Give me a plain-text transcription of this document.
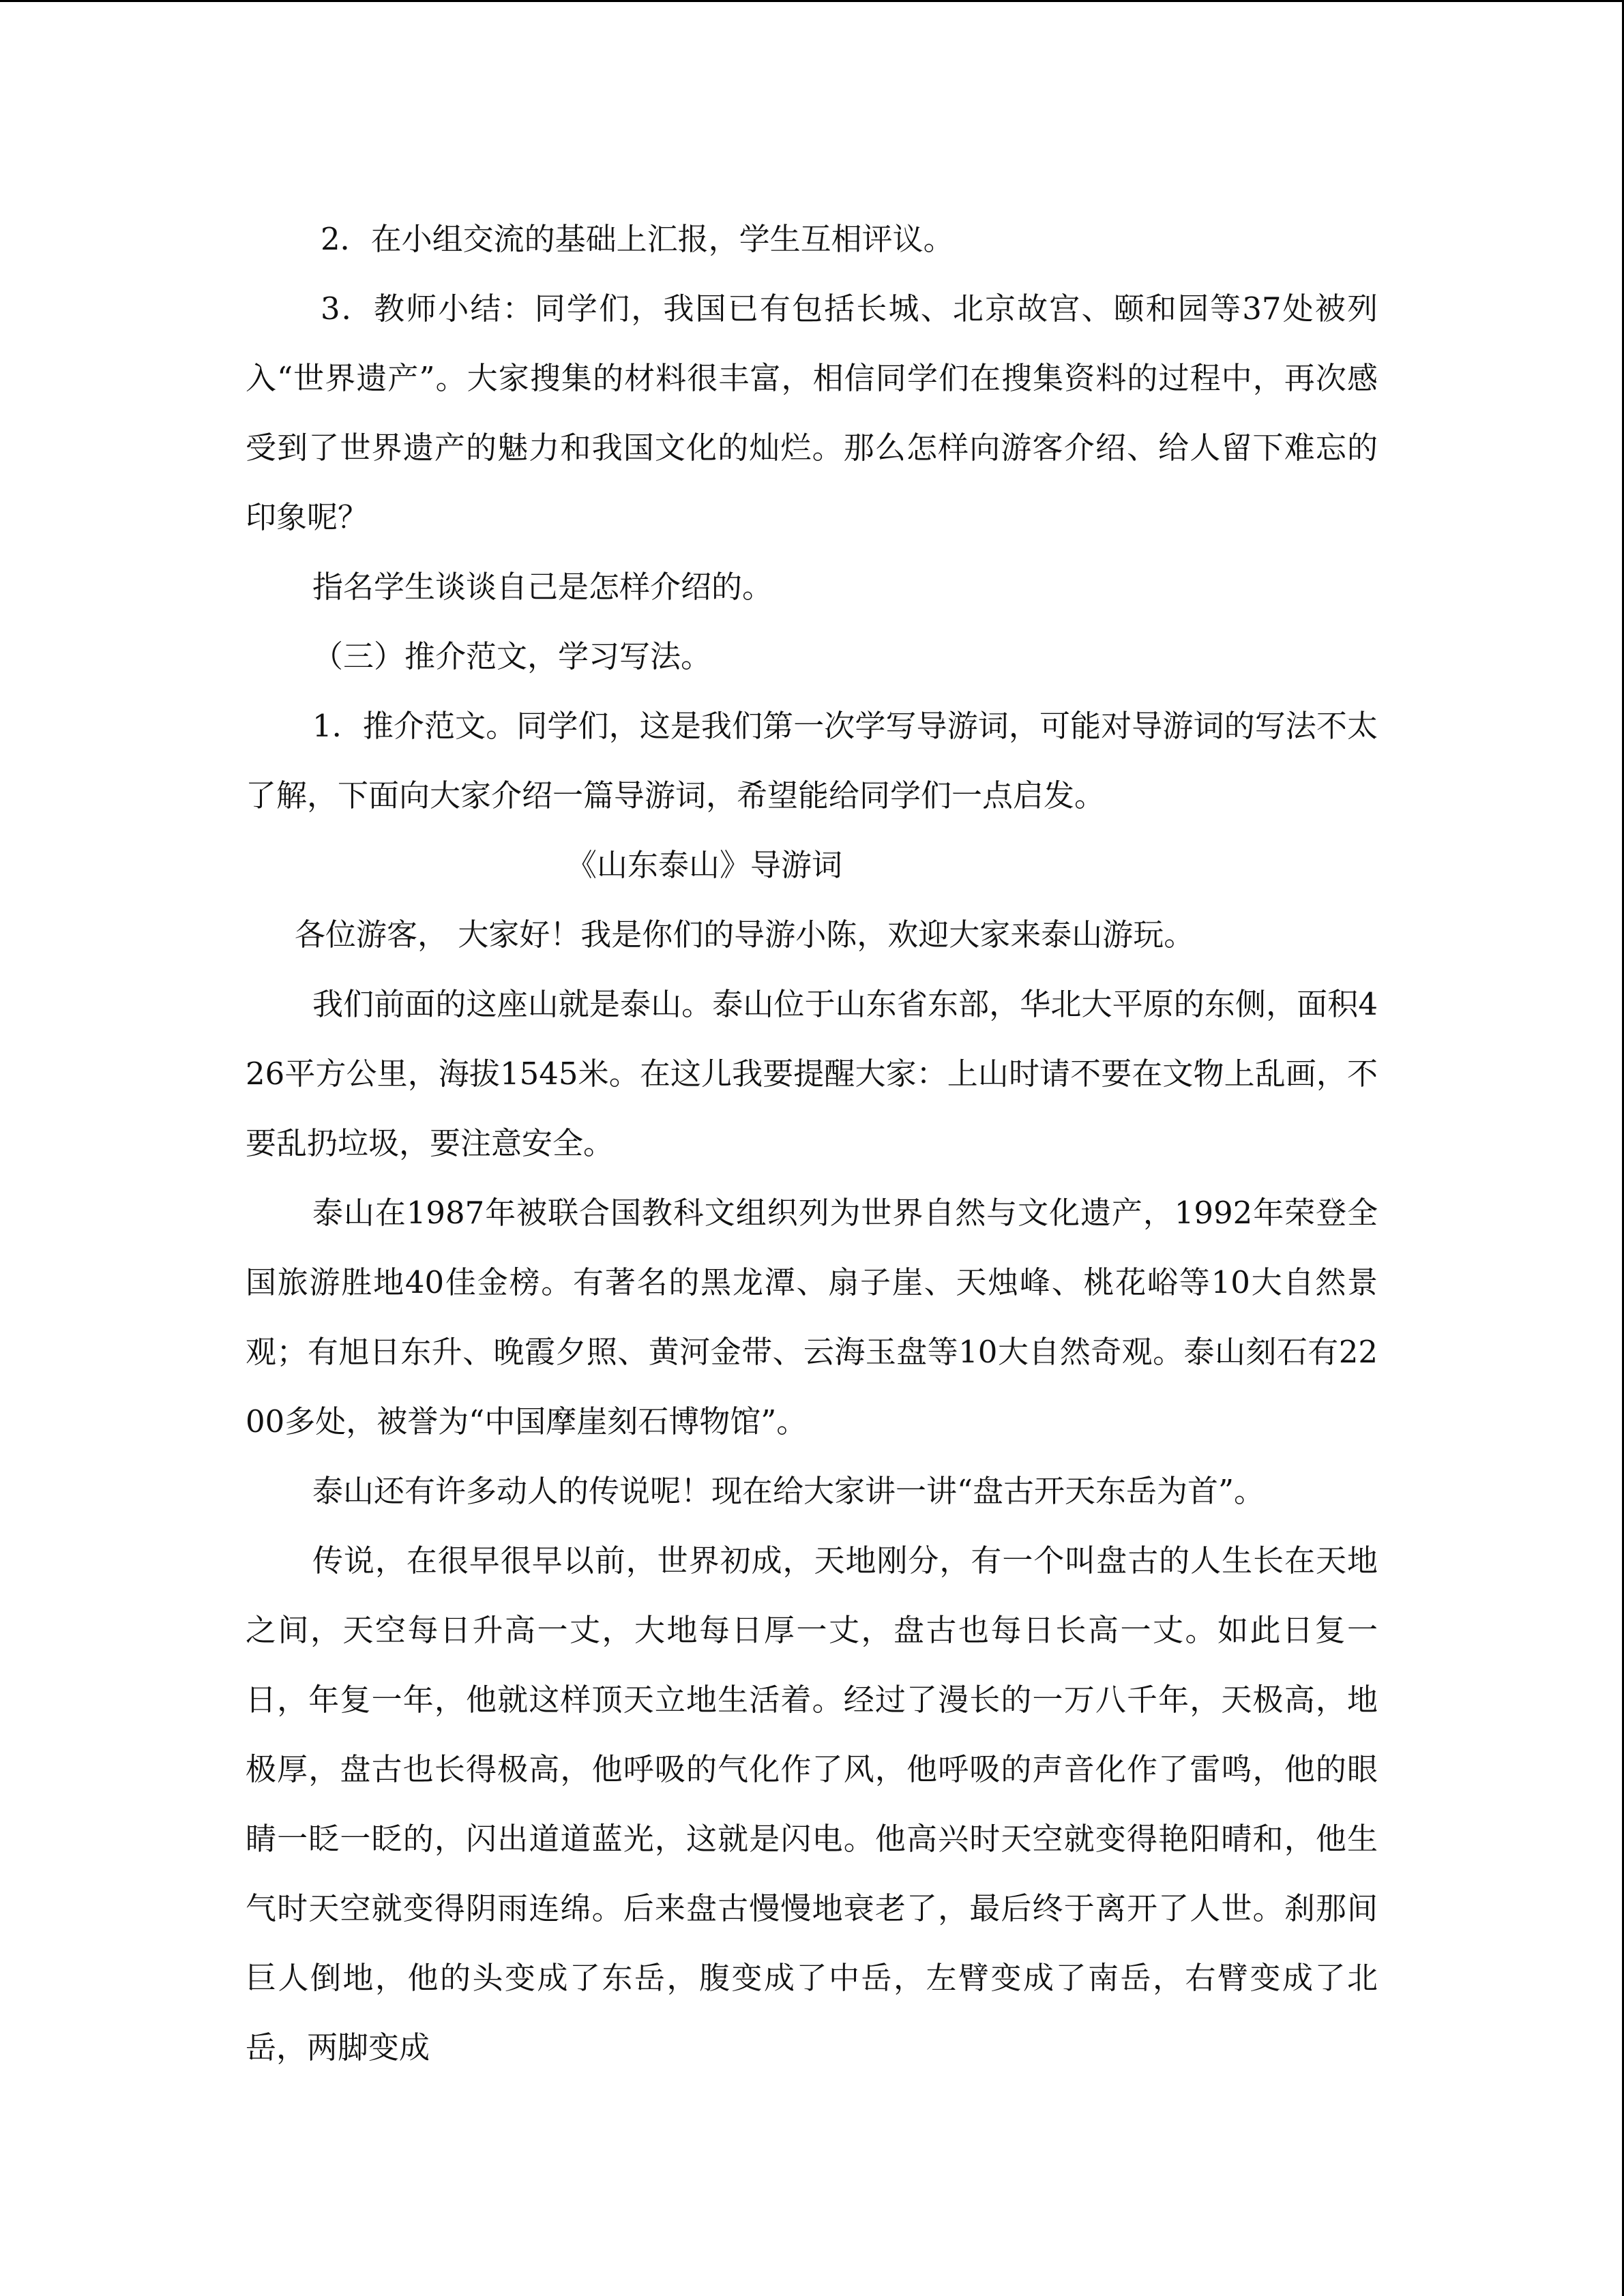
2．在小组交流的基础上汇报，学生互相评议。

3．教师小结：同学们，我国已有包括长城、北京故宫、颐和园等37处被列入“世界遗产”。大家搜集的材料很丰富，相信同学们在搜集资料的过程中，再次感受到了世界遗产的魅力和我国文化的灿烂。那么怎样向游客介绍、给人留下难忘的印象呢？

指名学生谈谈自己是怎样介绍的。

（三）推介范文，学习写法。

1．推介范文。同学们，这是我们第一次学写导游词，可能对导游词的写法不太了解，下面向大家介绍一篇导游词，希望能给同学们一点启发。

《山东泰山》导游词

各位游客， 大家好！我是你们的导游小陈，欢迎大家来泰山游玩。

我们前面的这座山就是泰山。泰山位于山东省东部，华北大平原的东侧，面积426平方公里，海拔1545米。在这儿我要提醒大家：上山时请不要在文物上乱画，不要乱扔垃圾，要注意安全。

泰山在1987年被联合国教科文组织列为世界自然与文化遗产，1992年荣登全国旅游胜地40佳金榜。有著名的黑龙潭、扇子崖、天烛峰、桃花峪等10大自然景观；有旭日东升、晚霞夕照、黄河金带、云海玉盘等10大自然奇观。泰山刻石有2200多处，被誉为“中国摩崖刻石博物馆”。

泰山还有许多动人的传说呢！现在给大家讲一讲“盘古开天东岳为首”。

传说，在很早很早以前，世界初成，天地刚分，有一个叫盘古的人生长在天地之间，天空每日升高一丈，大地每日厚一丈，盘古也每日长高一丈。如此日复一日，年复一年，他就这样顶天立地生活着。经过了漫长的一万八千年，天极高，地极厚，盘古也长得极高，他呼吸的气化作了风，他呼吸的声音化作了雷鸣，他的眼睛一眨一眨的，闪出道道蓝光，这就是闪电。他高兴时天空就变得艳阳晴和，他生气时天空就变得阴雨连绵。后来盘古慢慢地衰老了，最后终于离开了人世。刹那间巨人倒地，他的头变成了东岳，腹变成了中岳，左臂变成了南岳，右臂变成了北岳，两脚变成
